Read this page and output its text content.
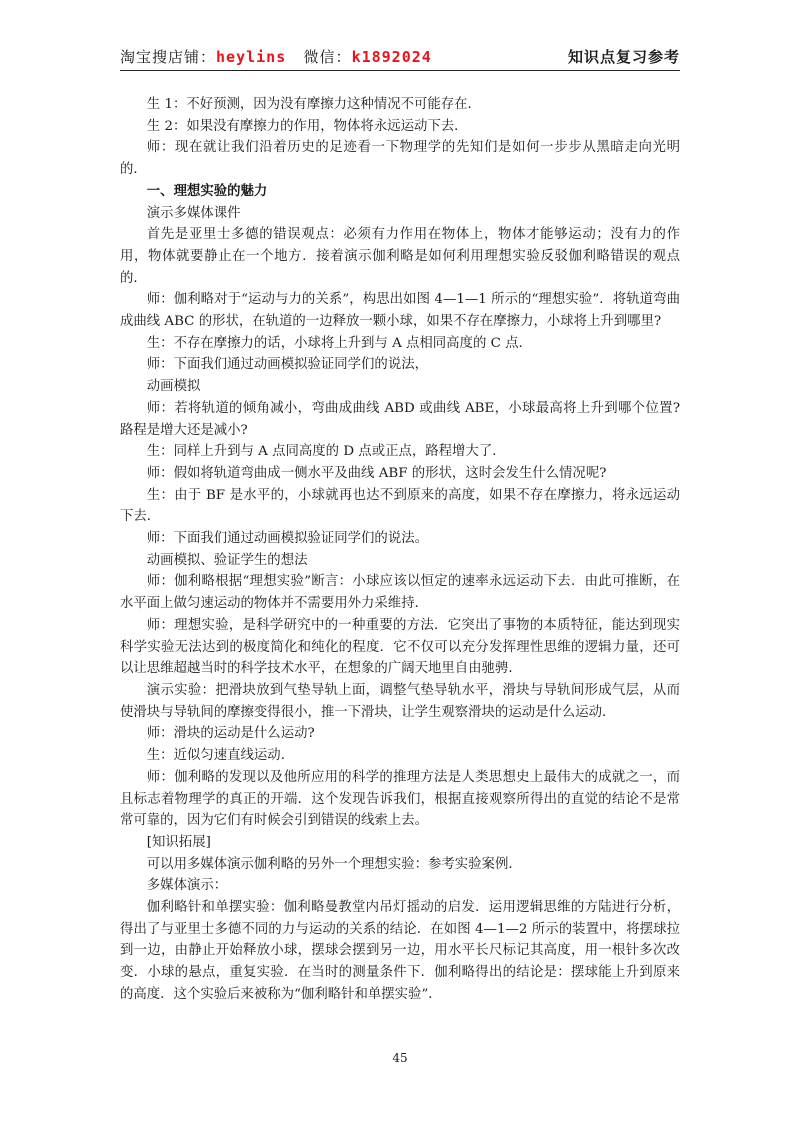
淘宝搜店铺：heylins 微信：k1892024	知识点复习参考

生 1：不好预测，因为没有摩擦力这种情况不可能存在．

生 2：如果没有摩擦力的作用，物体将永远运动下去．

师：现在就让我们沿着历史的足迹看一下物理学的先知们是如何一步步从黑暗走向光明的．

一、理想实验的魅力

演示多媒体课件

首先是亚里士多德的错误观点：必须有力作用在物体上，物体才能够运动；没有力的作用，物体就要静止在一个地方．接着演示伽利略是如何利用理想实验反驳伽利略错误的观点的．

师：伽利略对于“运动与力的关系”，构思出如图 4—1—1 所示的“理想实验”．将轨道弯曲成曲线 ABC 的形状，在轨道的一边释放一颗小球，如果不存在摩擦力，小球将上升到哪里?

生：不存在摩擦力的话，小球将上升到与 A 点相同高度的 C 点．

师：下面我们通过动画模拟验证同学们的说法，

动画模拟

师：若将轨道的倾角减小，弯曲成曲线 ABD 或曲线 ABE，小球最高将上升到哪个位置?路程是增大还是减小?

生：同样上升到与 A 点同高度的 D 点或正点，路程增大了．

师：假如将轨道弯曲成一侧水平及曲线 ABF 的形状，这时会发生什么情况呢?

生：由于 BF 是水平的，小球就再也达不到原来的高度，如果不存在摩擦力，将永远运动下去．

师：下面我们通过动画模拟验证同学们的说法。

动画模拟、验证学生的想法

师：伽利略根据“理想实验”断言：小球应该以恒定的速率永远运动下去．由此可推断，在水平面上做匀速运动的物体并不需要用外力采维持．

师：理想实验，是科学研究中的一种重要的方法．它突出了事物的本质特征，能达到现实科学实验无法达到的极度简化和纯化的程度．它不仅可以充分发挥理性思维的逻辑力量，还可以让思维超越当时的科学技术水平，在想象的广阔天地里自由驰骋．

演示实验：把滑块放到气垫导轨上面，调整气垫导轨水平，滑块与导轨间形成气层，从而使滑块与导轨间的摩擦变得很小，推一下滑块，让学生观察滑块的运动是什么运动．

师：滑块的运动是什么运动?

生：近似匀速直线运动．

师：伽利略的发现以及他所应用的科学的推理方法是人类思想史上最伟大的成就之一，而且标志着物理学的真正的开端．这个发现告诉我们，根据直接观察所得出的直觉的结论不是常常可靠的，因为它们有时候会引到错误的线索上去。

[知识拓展]

可以用多媒体演示伽利略的另外一个理想实验：参考实验案例．

多媒体演示：

伽利略针和单摆实验：伽利略曼教堂内吊灯摇动的启发．运用逻辑思维的方陆进行分析，得出了与亚里士多德不同的力与运动的关系的结论．在如图 4—1—2 所示的装置中，将摆球拉到一边，由静止开始释放小球，摆球会摆到另一边，用水平长尺标记其高度，用一根针多次改变．小球的悬点，重复实验．在当时的测量条件下．伽利略得出的结论是：摆球能上升到原来的高度．这个实验后来被称为“伽利略针和单摆实验”．

45
